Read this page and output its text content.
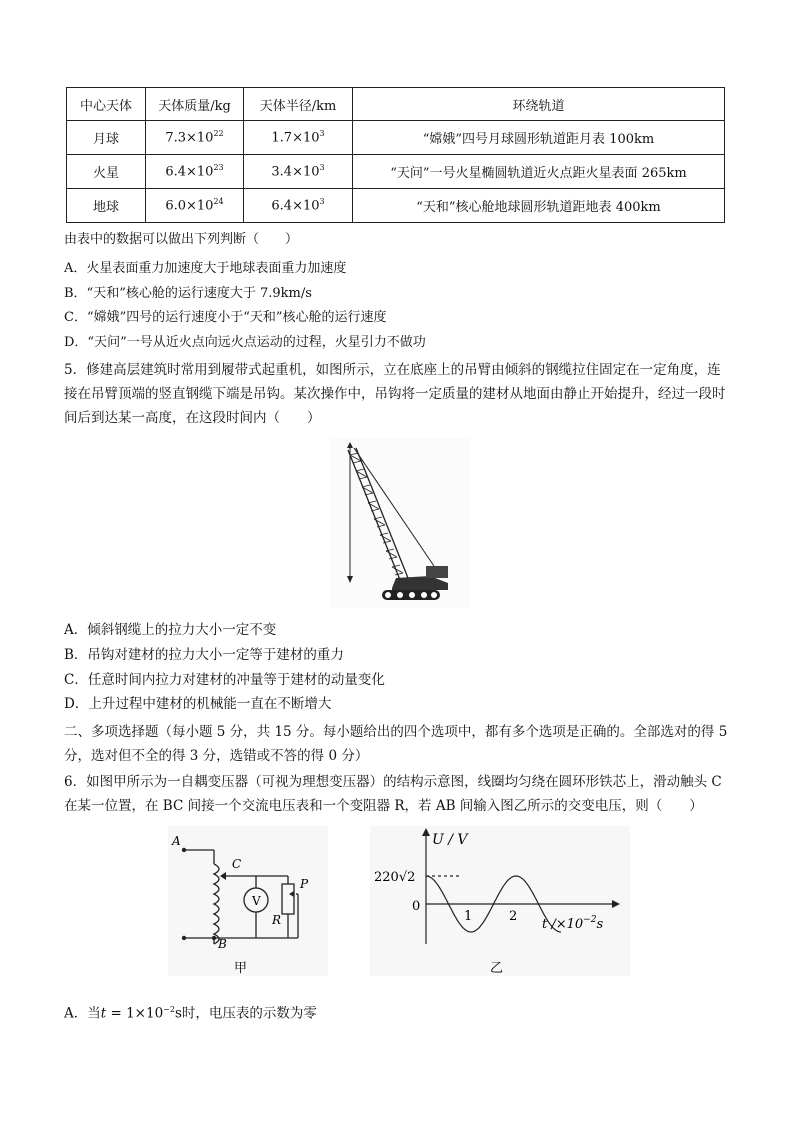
中心天体	天体质量/kg	天体半径/km	环绕轨道
月球	$7.3\times 10^{22}$	$1.7\times 10^3$	“嫦娥”四号月球圆形轨道距月表 100km
火星	$6.4\times 10^{23}$	$3.4\times 10^3$	“天问”一号火星椭圆轨道近火点距火星表面 265km
地球	$6.0\times 10^{24}$	$6.4\times 10^3$	“天和”核心舱地球圆形轨道距地表 400km
由表中的数据可以做出下列判断（　　）
A．火星表面重力加速度大于地球表面重力加速度
B．“天和”核心舱的运行速度大于 7.9km/s
C．“嫦娥”四号的运行速度小于“天和”核心舱的运行速度
D．“天问”一号从近火点向远火点运动的过程，火星引力不做功
5．修建高层建筑时常用到履带式起重机，如图所示，立在底座上的吊臂由倾斜的钢缆拉住固定在一定角度，连接在吊臂顶端的竖直钢缆下端是吊钩。某次操作中，吊钩将一定质量的建材从地面由静止开始提升，经过一段时间后到达某一高度，在这段时间内（　　）
A．倾斜钢缆上的拉力大小一定不变
B．吊钩对建材的拉力大小一定等于建材的重力
C．任意时间内拉力对建材的冲量等于建材的动量变化
D．上升过程中建材的机械能一直在不断增大
二、多项选择题（每小题 5 分，共 15 分。每小题给出的四个选项中，都有多个选项是正确的。全部选对的得 5 分，选对但不全的得 3 分，选错或不答的得 0 分）
6．如图甲所示为一自耦变压器（可视为理想变压器）的结构示意图，线圈均匀绕在圆环形铁芯上，滑动触头 C 在某一位置，在 BC 间接一个交流电压表和一个变阻器 R，若 AB 间输入图乙所示的交变电压，则（　　）
A
B
C
P
R
V
甲
U / V
220√2
0
1	2
t $/\times 10^{-2}s$
乙
A．当$t = 1\times 10^{-2}s$时，电压表的示数为零
